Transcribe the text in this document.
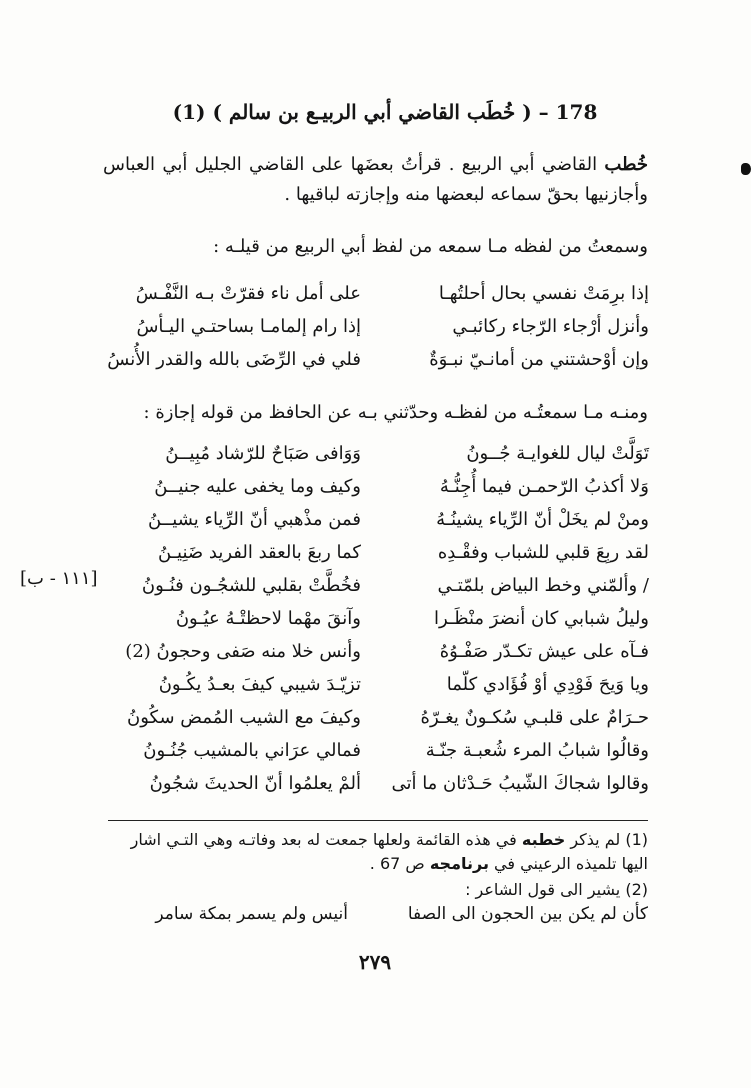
178 – ( خُطَب القاضي أبي الربيـع بن سالم ) (1)
خُطب القاضي أبي الربيع . قرأتُ بعضَها على القاضي الجليل أبي العباس وأجازنيها بحقّ سماعه لبعضها منه وإجازته لباقيها .
وسمعتُ من لفظه مـا سمعه من لفظ أبي الربيع من قيلـه :
إذا برِمَتْ نفسي بحال أحلتُهـا
على أمل ناء فقرّتْ بـه النَّفْـسُ
وأنزل أرْجاء الرّجاء ركائبـي
إذا رام إلمامـا بساحتـي اليـأسُ
وإن أوْحشتني من أمانـيّ نبـوَةٌ
فلي في الرِّضَى بالله والقدر الأُنسُ
ومنـه مـا سمعتُـه من لفظـه وحدّثني بـه عن الحافظ من قوله إجازة :
تَوَلَّتْ ليال للغوايـة جُــونُ
وَوَافى صَبَاحٌ للرّشاد مُبِيــنُ
وَلا أكذبُ الرّحمـن فيما أُجِنُّـهُ
وكيف وما يخفى عليه جنيــنُ
ومنْ لم يخَلْ أنّ الرِّياء يشينُـهُ
فمن مذْهبي أنّ الرِّياء يشيــنُ
لقد ربِعَ قلبي للشباب وفقْـدِه
كما ربعَ بالعقد الفريد ضَنِيـنُ
/ وألمّني وخط البياض بلمّتـي
فخُطَّتْ بقلبي للشجُـون فنُـونُ
وليلُ شبابي كان أنضرَ منْظَـرا
وآنقَ مهْما لاحظتْـهُ عيُـونُ
فـآه على عيش تكـدّر صَفْـوُهُ
وأنس خلا منه صَفى وحجونُ (2)
ويا وَيحَ فَوْدِي أوْ فُؤَادي كلّما
تزيّـدَ شيبي كيفَ بعـدُ يكُـونُ
حـرَامٌ على قلبـي سُكـونٌ يغـرّهُ
وكيفَ مع الشيب المُمض سكُونُ
وقالُوا شبابُ المرء شُعبـة جنّـة
فمالي عرَاني بالمشيب جُنُـونُ
وقالوا شجاكَ الشّيبُ حَـدْثان ما أتى
ألمْ يعلمُوا أنّ الحديثَ شجُونُ
[١١١ - ب]
(1) لم يذكر خطبه في هذه القائمة ولعلها جمعت له بعد وفاتـه وهي التـي اشار اليها تلميذه الرعيني في برنامجه ص 67 .
(2) يشير الى قول الشاعر :
كأن لم يكن بين الحجون الى الصفا
أنيس ولم يسمر بمكة سامر
٢٧٩
